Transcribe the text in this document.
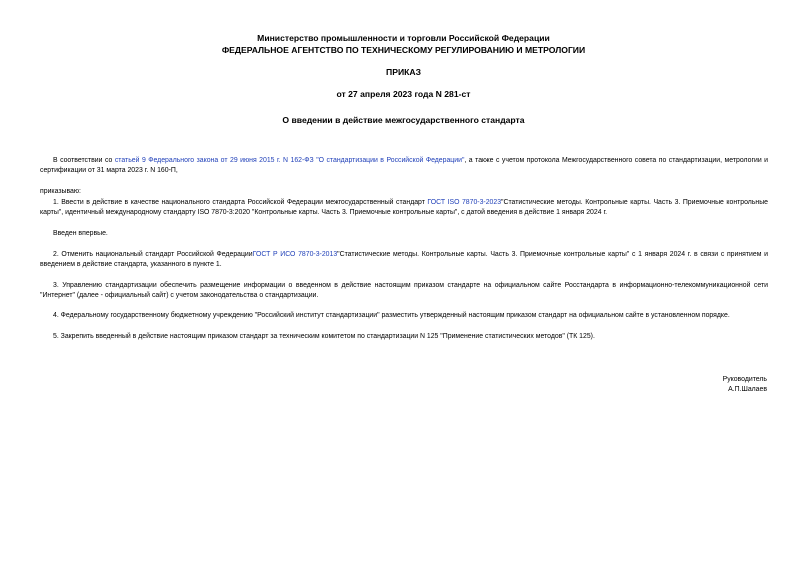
Министерство промышленности и торговли Российской Федерации
ФЕДЕРАЛЬНОЕ АГЕНТСТВО ПО ТЕХНИЧЕСКОМУ РЕГУЛИРОВАНИЮ И МЕТРОЛОГИИ
ПРИКАЗ
от 27 апреля 2023 года N 281-ст
О введении в действие межгосударственного стандарта
В соответствии со статьей 9 Федерального закона от 29 июня 2015 г. N 162-ФЗ "О стандартизации в Российской Федерации", а также с учетом протокола Межгосударственного совета по стандартизации, метрологии и сертификации от 31 марта 2023 г. N 160-П,
приказываю:
1. Ввести в действие в качестве национального стандарта Российской Федерации межгосударственный стандарт ГОСТ ISO 7870-3-2023"Статистические методы. Контрольные карты. Часть 3. Приемочные контрольные карты", идентичный международному стандарту ISO 7870-3:2020 "Контрольные карты. Часть 3. Приемочные контрольные карты", с датой введения в действие 1 января 2024 г.
Введен впервые.
2. Отменить национальный стандарт Российской ФедерацииГОСТ Р ИСО 7870-3-2013"Статистические методы. Контрольные карты. Часть 3. Приемочные контрольные карты" с 1 января 2024 г. в связи с принятием и введением в действие стандарта, указанного в пункте 1.
3. Управлению стандартизации обеспечить размещение информации о введенном в действие настоящим приказом стандарте на официальном сайте Росстандарта в информационно-телекоммуникационной сети "Интернет" (далее - официальный сайт) с учетом законодательства о стандартизации.
4. Федеральному государственному бюджетному учреждению "Российский институт стандартизации" разместить утвержденный настоящим приказом стандарт на официальном сайте в установленном порядке.
5. Закрепить введенный в действие настоящим приказом стандарт за техническим комитетом по стандартизации N 125 "Применение статистических методов" (ТК 125).
Руководитель
А.П.Шалаев
